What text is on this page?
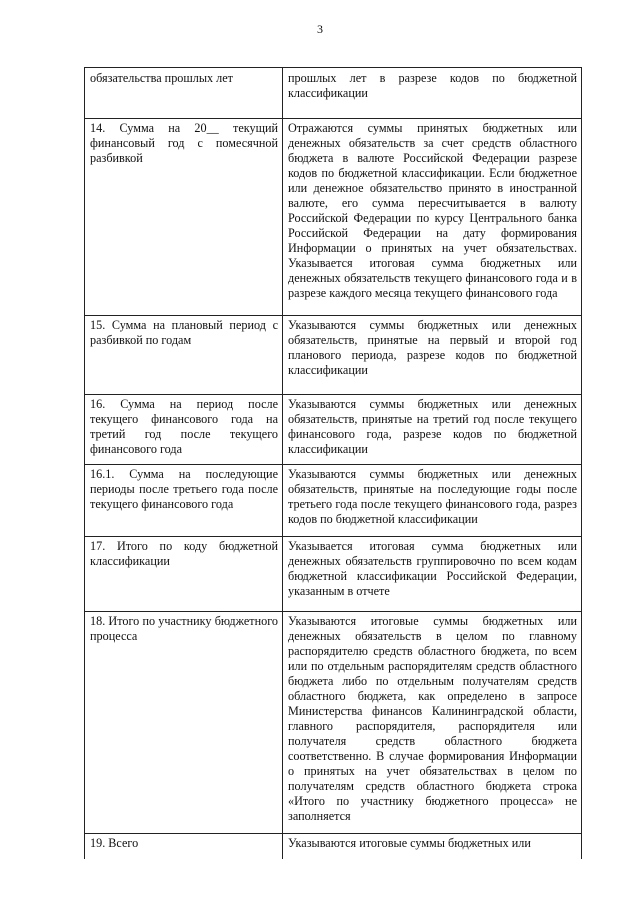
3
обязательства прошлых лет	прошлых лет в разрезе кодов по бюджетной классификации
14. Сумма на 20__ текущий финансовый год с помесячной разбивкой	Отражаются суммы принятых бюджетных или денежных обязательств за счет средств областного бюджета в валюте Российской Федерации разрезе кодов по бюджетной классификации. Если бюджетное или денежное обязательство принято в иностранной валюте, его сумма пересчитывается в валюту Российской Федерации по курсу Центрального банка Российской Федерации на дату формирования Информации о принятых на учет обязательствах. Указывается итоговая сумма бюджетных или денежных обязательств текущего финансового года и в разрезе каждого месяца текущего финансового года
15. Сумма на плановый период с разбивкой по годам	Указываются суммы бюджетных или денежных обязательств, принятые на первый и второй год планового периода, разрезе кодов по бюджетной классификации
16. Сумма на период после текущего финансового года на третий год после текущего финансового года	Указываются суммы бюджетных или денежных обязательств, принятые на третий год после текущего финансового года, разрезе кодов по бюджетной классификации
16.1. Сумма на последующие периоды после третьего года после текущего финансового года	Указываются суммы бюджетных или денежных обязательств, принятые на последующие годы после третьего года после текущего финансового года, разрез кодов по бюджетной классификации
17. Итого по коду бюджетной классификации	Указывается итоговая сумма бюджетных или денежных обязательств группировочно по всем кодам бюджетной классификации Российской Федерации, указанным в отчете
18. Итого по участнику бюджетного процесса	Указываются итоговые суммы бюджетных или денежных обязательств в целом по главному распорядителю средств областного бюджета, по всем или по отдельным распорядителям средств областного бюджета либо по отдельным получателям средств областного бюджета, как определено в запросе Министерства финансов Калининградской области, главного распорядителя, распорядителя или получателя средств областного бюджета соответственно. В случае формирования Информации о принятых на учет обязательствах в целом по получателям средств областного бюджета строка «Итого по участнику бюджетного процесса» не заполняется
19. Всего	Указываются итоговые суммы бюджетных или
